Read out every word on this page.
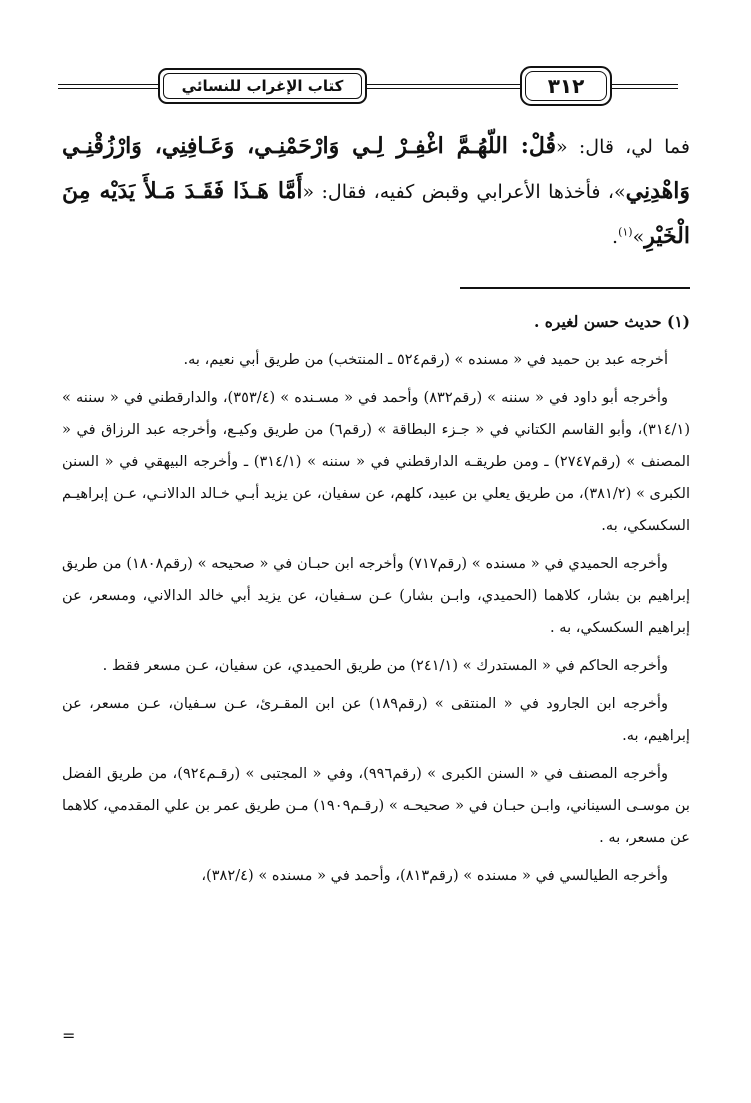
كتاب الإغراب للنسائي	٣١٢
فما لي، قال: «قُلْ: اللّهُـمَّ اغْفِـرْ لِـي وَارْحَمْنِـي، وَعَـافِنِي، وَارْزُقْنِـي وَاهْدِنِي»، فأخذها الأعرابي وقبض كفيه، فقال: «أَمَّا هَـذَا فَقَـدَ مَـلأَ يَدَيْه مِنَ الْخَيْرِ»$^{(١)}$.

(١) حديث حسن لغيره .

أخرجه عبد بن حميد في « مسنده » (رقم٥٢٤ ـ المنتخب) من طريق أبي نعيم، به.

وأخرجه أبو داود في « سننه » (رقم٨٣٢) وأحمد في « مسـنده » (٣٥٣/٤)، والدارقطني في « سننه » (٣١٤/١)، وأبو القاسم الكتاني في « جـزء البطاقة » (رقم٦) من طريق وكيـع، وأخرجه عبد الرزاق في « المصنف » (رقم٢٧٤٧) ـ ومن طريقـه الدارقطني في « سننه » (٣١٤/١) ـ وأخرجه البيهقي في « السنن الكبرى » (٣٨١/٢)، من طريق يعلي بن عبيد، كلهم، عن سفيان، عن يزيد أبـي خـالد الدالانـي، عـن إبراهيـم السكسكي، به.

وأخرجه الحميدي في « مسنده » (رقم٧١٧) وأخرجه ابن حبـان في « صحيحه » (رقم١٨٠٨) من طريق إبراهيم بن بشار، كلاهما (الحميدي، وابـن بشار) عـن سـفيان، عن يزيد أبي خالد الدالاني، ومسعر، عن إبراهيم السكسكي، به .

وأخرجه الحاكم في « المستدرك » (٢٤١/١) من طريق الحميدي، عن سفيان، عـن مسعر فقط .

وأخرجه ابن الجارود في « المنتقى » (رقم١٨٩) عن ابن المقـرئ، عـن سـفيان، عـن مسعر، عن إبراهيم، به.

وأخرجه المصنف في « السنن الكبرى » (رقم٩٩٦)، وفي « المجتبى » (رقـم٩٢٤)، من طريق الفضل بن موسـى السيناني، وابـن حبـان في « صحيحـه » (رقـم١٩٠٩) مـن طريق عمر بن علي المقدمي، كلاهما عن مسعر، به .

وأخرجه الطيالسي في « مسنده » (رقم٨١٣)، وأحمد في « مسنده » (٣٨٢/٤)،

=
